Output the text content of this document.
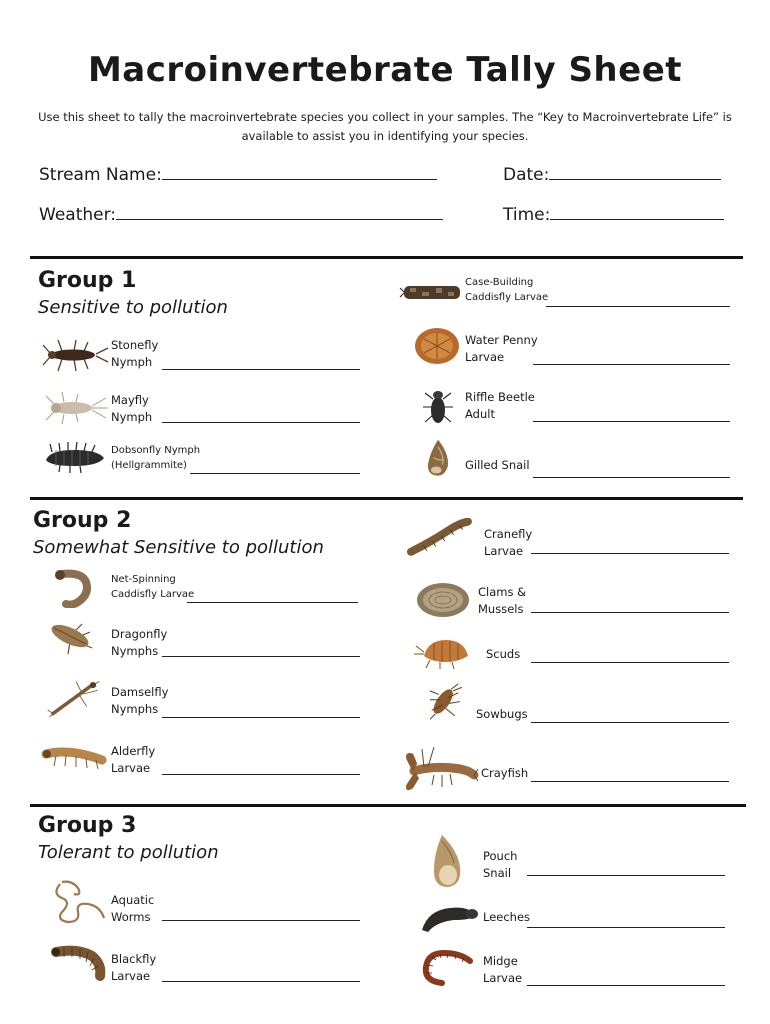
Macroinvertebrate Tally Sheet
Use this sheet to tally the macroinvertebrate species you collect in your samples. The “Key to Macroinvertebrate Life” is available to assist you in identifying your species.
Stream Name:	Date:
Weather:	Time:
Group 1
Sensitive to pollution
Stonefly
Nymph
Mayfly
Nymph
Dobsonfly Nymph
(Hellgrammite)
Case-Building
Caddisfly Larvae
Water Penny
Larvae
Riffle Beetle
Adult
Gilled Snail
Group 2
Somewhat Sensitive to pollution
Net-Spinning
Caddisfly Larvae
Dragonfly
Nymphs
Damselfly
Nymphs
Alderfly
Larvae
Cranefly
Larvae
Clams &
Mussels
Scuds
Sowbugs
Crayfish
Group 3
Tolerant to pollution
Aquatic
Worms
Blackfly
Larvae
Pouch
Snail
Leeches
Midge
Larvae
